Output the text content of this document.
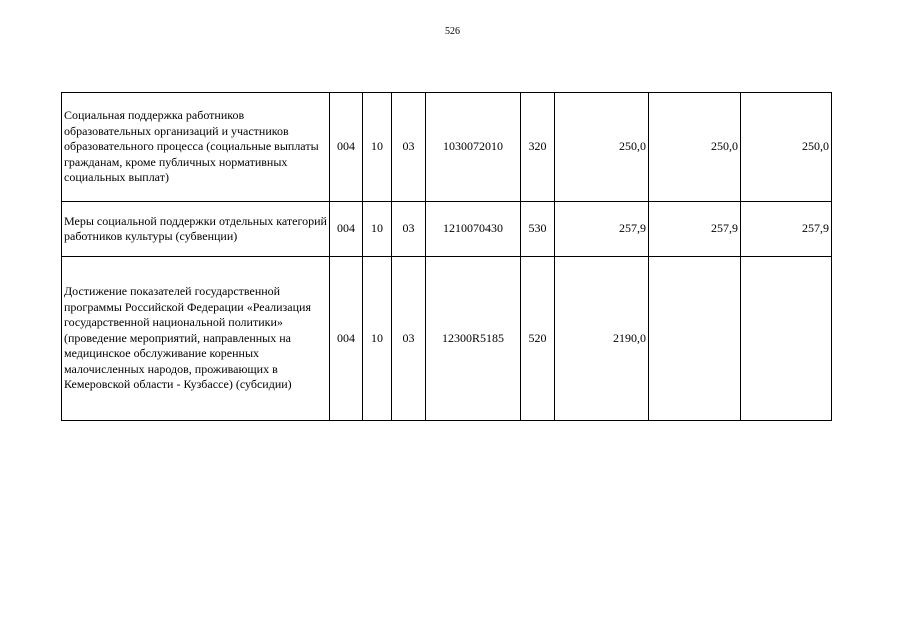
526
Социальная поддержка работников образовательных организаций и участников образовательного процесса (социальные выплаты гражданам, кроме публичных нормативных социальных выплат)	004	10	03	1030072010	320	250,0	250,0	250,0
Меры социальной поддержки отдельных категорий работников культуры (субвенции)	004	10	03	1210070430	530	257,9	257,9	257,9
Достижение показателей государственной программы Российской Федерации «Реализация государственной национальной политики» (проведение мероприятий, направленных на медицинское обслуживание коренных малочисленных народов, проживающих в Кемеровской области - Кузбассе) (субсидии)	004	10	03	12300R5185	520	2190,0		
